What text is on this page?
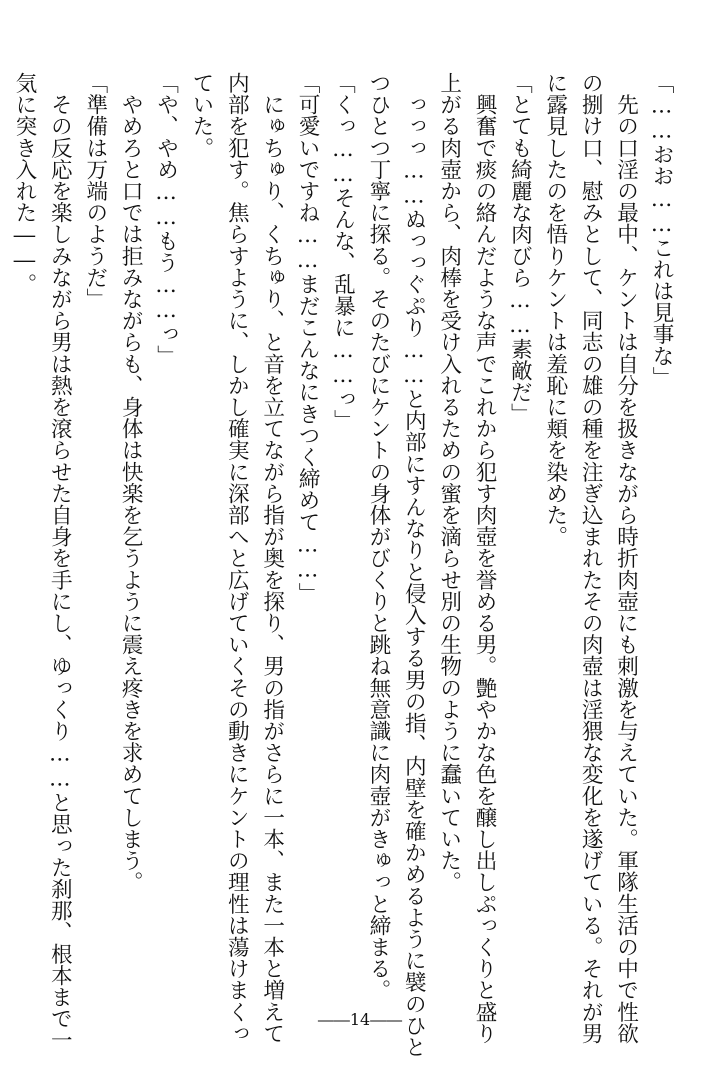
「……おお……これは見事な」

　先の口淫の最中、ケントは自分を扱きながら時折肉壺にも刺激を与えていた。軍隊生活の中で性欲

の捌け口、慰みとして、同志の雄の種を注ぎ込まれたその肉壺は淫猥な変化を遂げている。それが男

に露見したのを悟りケントは羞恥に頬を染めた。

「とても綺麗な肉びら……素敵だ」

　興奮で痰の絡んだような声でこれから犯す肉壺を誉める男。艶やかな色を醸し出しぷっくりと盛り

上がる肉壺から、肉棒を受け入れるための蜜を滴らせ別の生物のように蠢いていた。

　っっっ……ぬっっぐぷり……と内部にすんなりと侵入する男の指、内壁を確かめるように襞のひと

つひとつ丁寧に探る。そのたびにケントの身体がびくりと跳ね無意識に肉壺がきゅっと締まる。

「くっ……そんな、乱暴に……っ」

「可愛いですね……まだこんなにきつく締めて……」

　にゅちゅり、くちゅり、と音を立てながら指が奥を探り、男の指がさらに一本、また一本と増えて

内部を犯す。焦らすように、しかし確実に深部へと広げていくその動きにケントの理性は蕩けまくっ

ていた。

「や、やめ……もう……っ」

　やめろと口では拒みながらも、身体は快楽を乞うように震え疼きを求めてしまう。

「準備は万端のようだ」

　その反応を楽しみながら男は熱を滾らせた自身を手にし、ゆっくり……と思った刹那、根本まで一

気に突き入れた――。

――14――
